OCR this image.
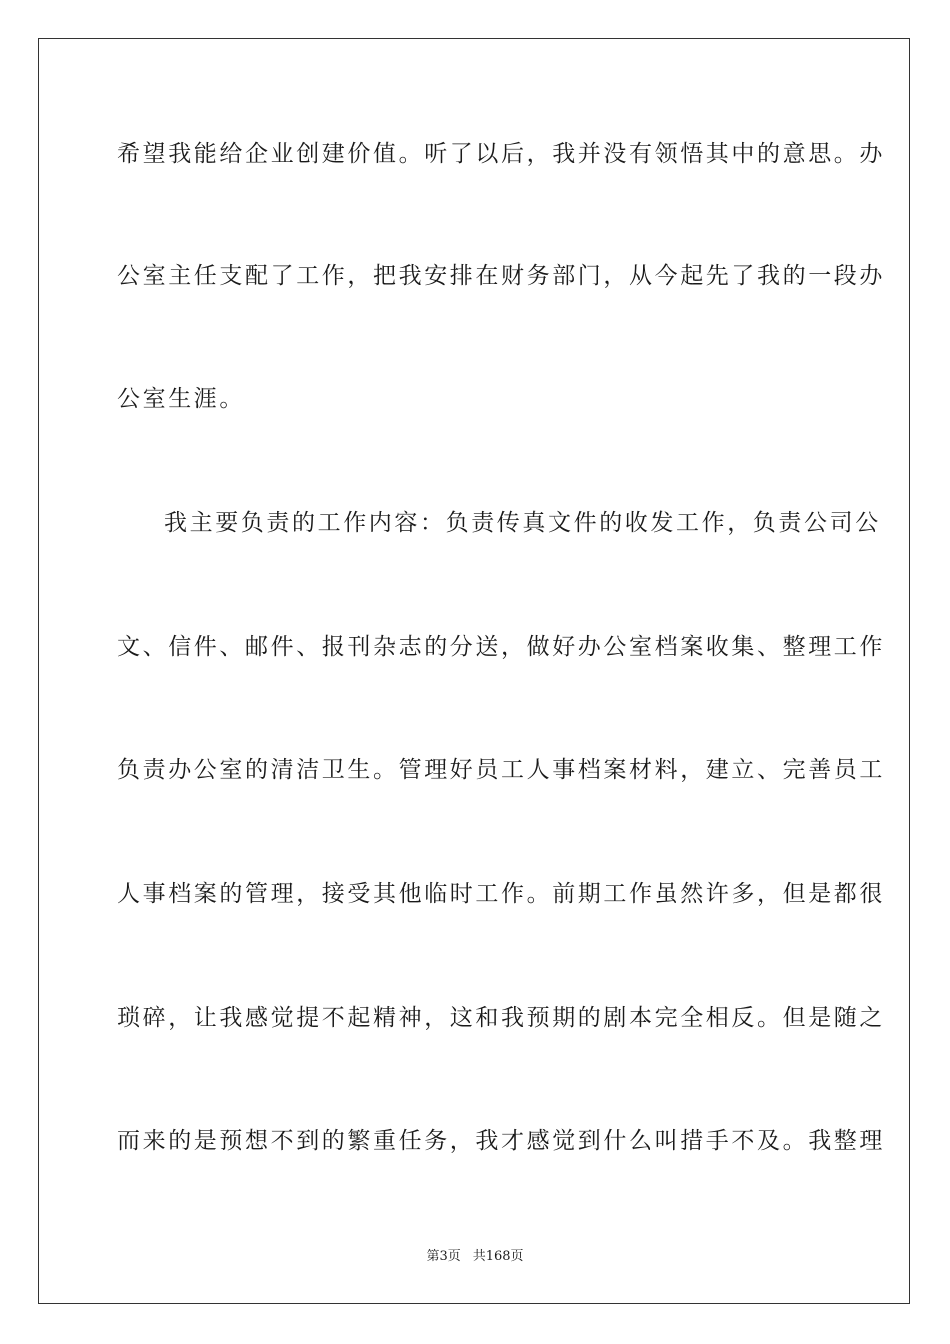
希望我能给企业创建价值。听了以后，我并没有领悟其中的意思。办
公室主任支配了工作，把我安排在财务部门，从今起先了我的一段办
公室生涯。
我主要负责的工作内容：负责传真文件的收发工作，负责公司公
文、信件、邮件、报刊杂志的分送，做好办公室档案收集、整理工作
负责办公室的清洁卫生。管理好员工人事档案材料，建立、完善员工
人事档案的管理，接受其他临时工作。前期工作虽然许多，但是都很
琐碎，让我感觉提不起精神，这和我预期的剧本完全相反。但是随之
而来的是预想不到的繁重任务，我才感觉到什么叫措手不及。我整理
第3页 共168页
